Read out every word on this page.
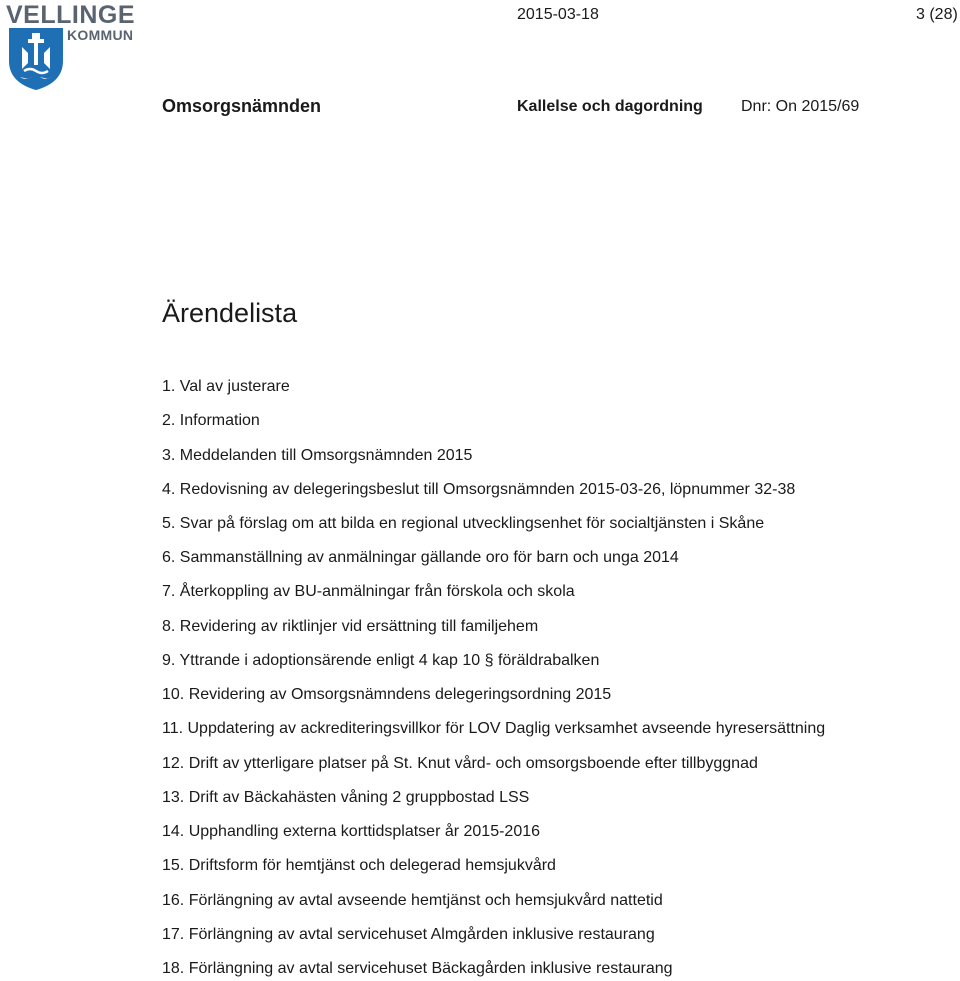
VELLINGE
KOMMUN
2015-03-18	3 (28)
Omsorgsnämnden	Kallelse och dagordning Dnr: On 2015/69
Ärendelista
1. Val av justerare
2. Information
3. Meddelanden till Omsorgsnämnden 2015
4. Redovisning av delegeringsbeslut till Omsorgsnämnden 2015-03-26, löpnummer 32-38
5. Svar på förslag om att bilda en regional utvecklingsenhet för socialtjänsten i Skåne
6. Sammanställning av anmälningar gällande oro för barn och unga 2014
7. Återkoppling av BU-anmälningar från förskola och skola
8. Revidering av riktlinjer vid ersättning till familjehem
9. Yttrande i adoptionsärende enligt 4 kap 10 § föräldrabalken
10. Revidering av Omsorgsnämndens delegeringsordning 2015
11. Uppdatering av ackrediteringsvillkor för LOV Daglig verksamhet avseende hyresersättning
12. Drift av ytterligare platser på St. Knut vård- och omsorgsboende efter tillbyggnad
13. Drift av Bäckahästen våning 2 gruppbostad LSS
14. Upphandling externa korttidsplatser år 2015-2016
15. Driftsform för hemtjänst och delegerad hemsjukvård
16. Förlängning av avtal avseende hemtjänst och hemsjukvård nattetid
17. Förlängning av avtal servicehuset Almgården inklusive restaurang
18. Förlängning av avtal servicehuset Bäckagården inklusive restaurang
